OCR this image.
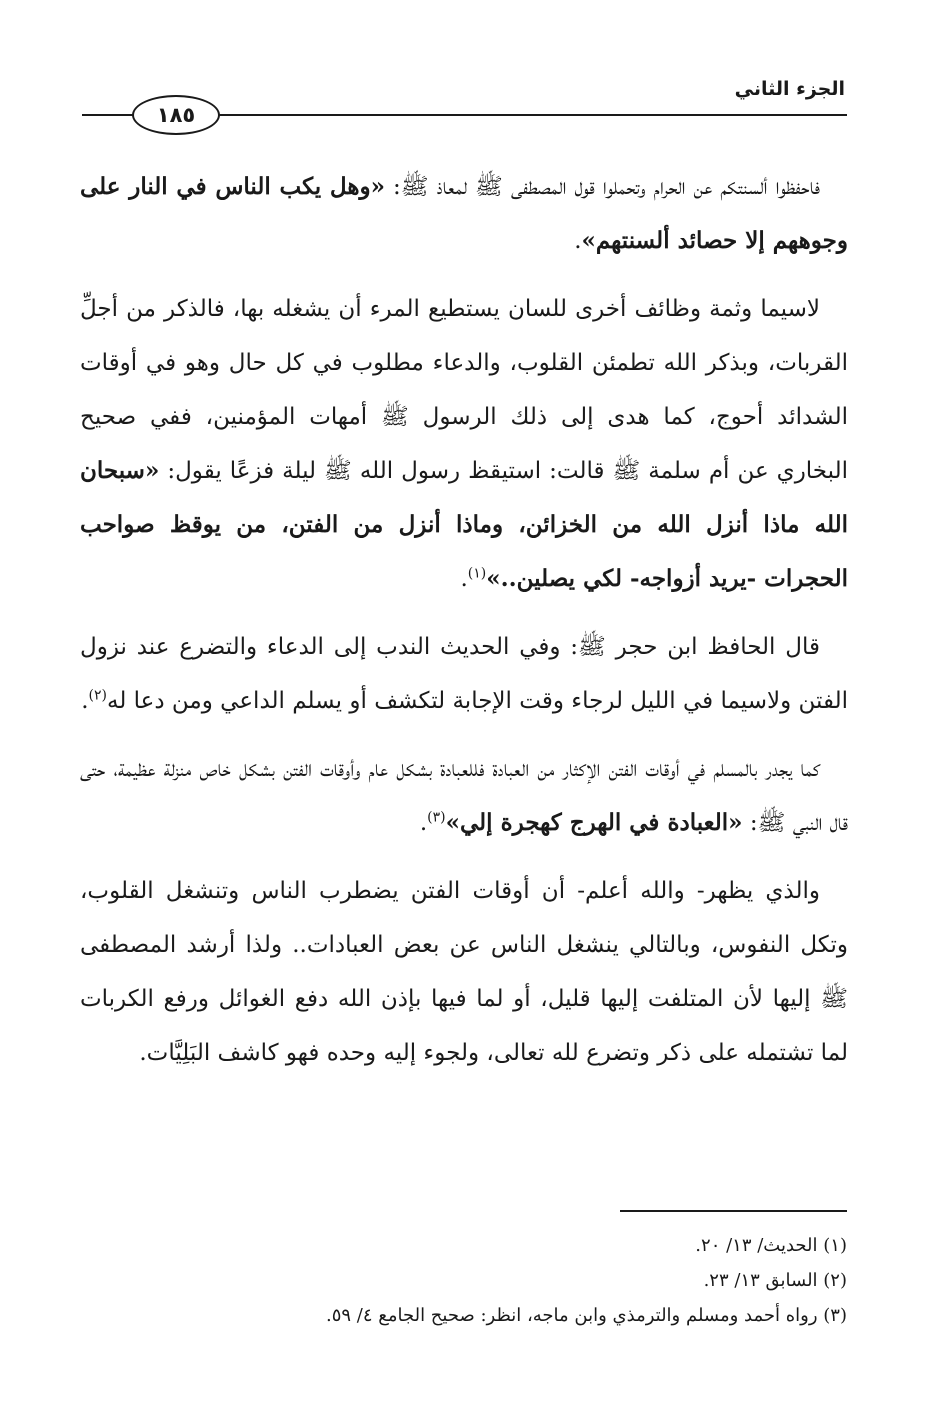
الجزء الثاني
١٨٥

فاحفظوا ألسنتكم عن الحرام وتحملوا قول المصطفى ﷺ لمعاذ ﷺ: «وهل يكب الناس في النار على وجوههم إلا حصائد ألسنتهم».

لاسيما وثمة وظائف أخرى للسان يستطيع المرء أن يشغله بها، فالذكر من أجلِّ القربات، وبذكر الله تطمئن القلوب، والدعاء مطلوب في كل حال وهو في أوقات الشدائد أحوج، كما هدى إلى ذلك الرسول ﷺ أمهات المؤمنين، ففي صحيح البخاري عن أم سلمة ﷺ قالت: استيقظ رسول الله ﷺ ليلة فزعًا يقول: «سبحان الله ماذا أنزل الله من الخزائن، وماذا أنزل من الفتن، من يوقظ صواحب الحجرات -يريد أزواجه- لكي يصلين..»$^{(١)}$.

قال الحافظ ابن حجر ﷺ: وفي الحديث الندب إلى الدعاء والتضرع عند نزول الفتن ولاسيما في الليل لرجاء وقت الإجابة لتكشف أو يسلم الداعي ومن دعا له$^{(٢)}$.

كما يجدر بالمسلم في أوقات الفتن الإكثار من العبادة فللعبادة بشكل عام وأوقات الفتن بشكل خاص منزلة عظيمة، حتى قال النبي ﷺ: «العبادة في الهرج كهجرة إلي»$^{(٣)}$.

والذي يظهر- والله أعلم- أن أوقات الفتن يضطرب الناس وتنشغل القلوب، وتكل النفوس، وبالتالي ينشغل الناس عن بعض العبادات.. ولذا أرشد المصطفى ﷺ إليها لأن المتلفت إليها قليل، أو لما فيها بإذن الله دفع الغوائل ورفع الكربات لما تشتمله على ذكر وتضرع لله تعالى، ولجوء إليه وحده فهو كاشف البَلِيَّات.

(١) الحديث/ ١٣/ ٢٠.
(٢) السابق ١٣/ ٢٣.
(٣) رواه أحمد ومسلم والترمذي وابن ماجه، انظر: صحيح الجامع ٤/ ٥٩.
